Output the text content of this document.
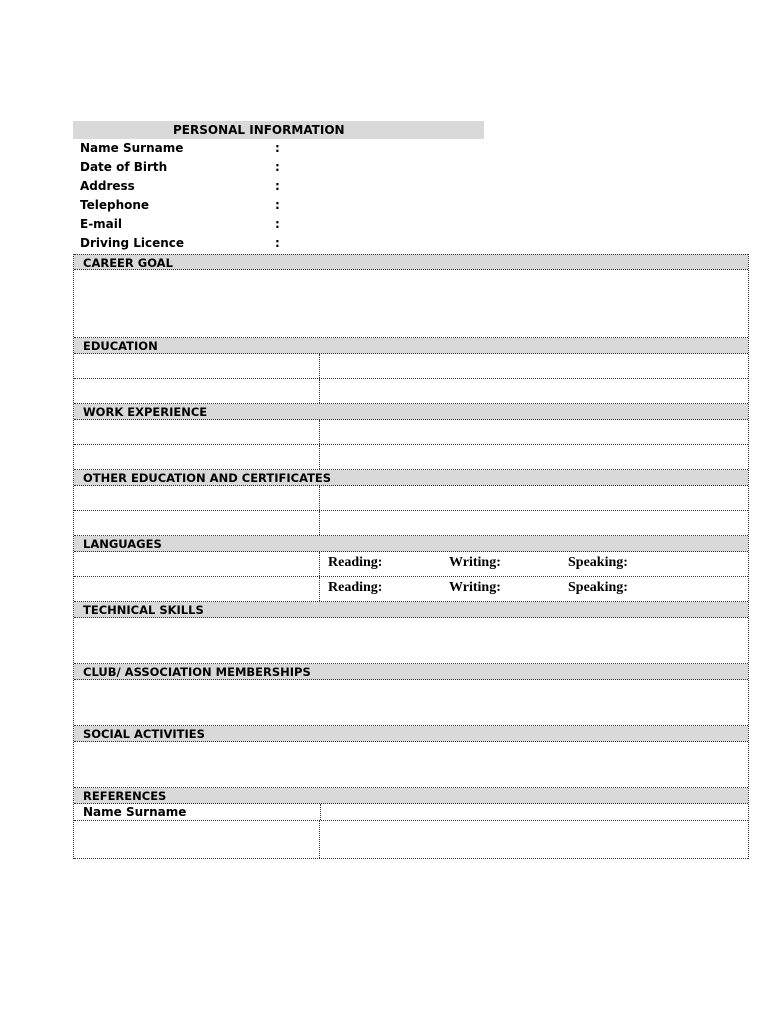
PERSONAL INFORMATION
Name Surname	:
Date of Birth	:
Address	:
Telephone	:
E-mail	:
Driving Licence	:
CAREER GOAL
EDUCATION
WORK EXPERIENCE
OTHER EDUCATION AND CERTIFICATES
LANGUAGES
Reading:	Writing:	Speaking:
Reading:	Writing:	Speaking:
TECHNICAL SKILLS
CLUB/ ASSOCIATION MEMBERSHIPS
SOCIAL ACTIVITIES
REFERENCES
Name Surname
